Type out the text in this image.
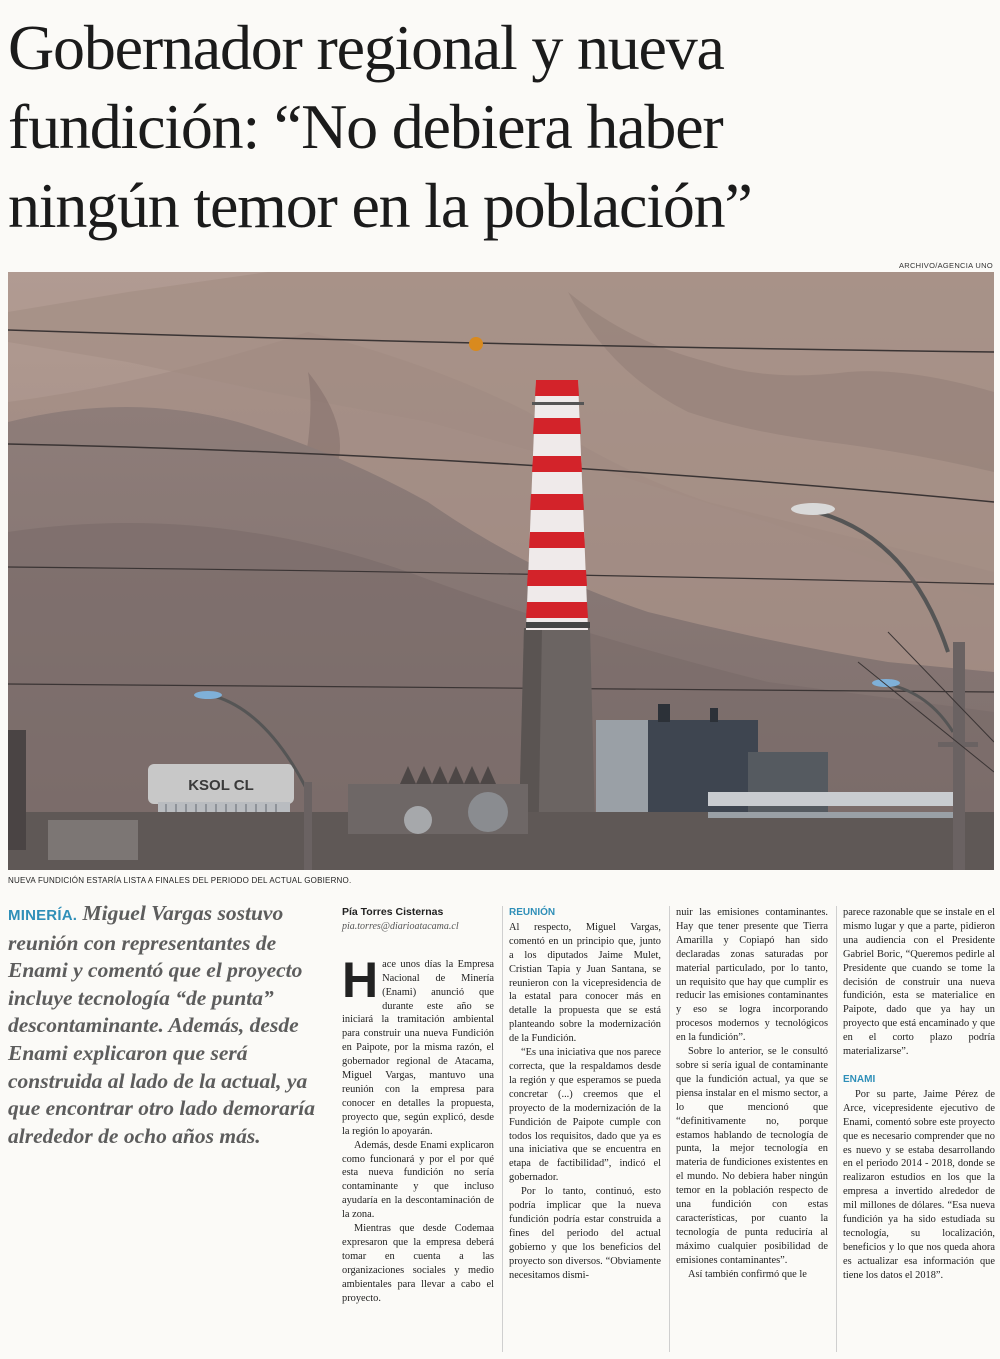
Gobernador regional y nueva
fundición: “No debiera haber
ningún temor en la población”
ARCHIVO/AGENCIA UNO
KSOL CL
NUEVA FUNDICIÓN ESTARÍA LISTA A FINALES DEL PERIODO DEL ACTUAL GOBIERNO.
MINERÍA. Miguel Vargas sostuvo reunión con representantes de Enami y comentó que el proyecto incluye tecnología “de punta” descontaminante. Además, desde Enami explicaron que será construida al lado de la actual, ya que encontrar otro lado demoraría alrededor de ocho años más.
Pía Torres Cisternas
pia.torres@diarioatacama.cl

Hace unos días la Empresa Nacional de Minería (Enami) anunció que durante este año se iniciará la tramitación ambiental para construir una nueva Fundición en Paipote, por la misma razón, el gobernador regional de Atacama, Miguel Vargas, mantuvo una reunión con la empresa para conocer en detalles la propuesta, proyecto que, según explicó, desde la región lo apoyarán.

Además, desde Enami explicaron como funcionará y por el por qué esta nueva fundición no sería contaminante y que incluso ayudaría en la descontaminación de la zona.

Mientras que desde Codemaa expresaron que la empresa deberá tomar en cuenta a las organizaciones sociales y medio ambientales para llevar a cabo el proyecto.

REUNIÓN

Al respecto, Miguel Vargas, comentó en un principio que, junto a los diputados Jaime Mulet, Cristian Tapia y Juan Santana, se reunieron con la vicepresidencia de la estatal para conocer más en detalle la propuesta que se está planteando sobre la modernización de la Fundición.

“Es una iniciativa que nos parece correcta, que la respaldamos desde la región y que esperamos se pueda concretar (...) creemos que el proyecto de la modernización de la Fundición de Paipote cumple con todos los requisitos, dado que ya es una iniciativa que se encuentra en etapa de factibilidad”, indicó el gobernador.

Por lo tanto, continuó, esto podría implicar que la nueva fundición podría estar construida a fines del periodo del actual gobierno y que los beneficios del proyecto son diversos. “Obviamente necesitamos dismi-

nuir las emisiones contaminantes. Hay que tener presente que Tierra Amarilla y Copiapó han sido declaradas zonas saturadas por material particulado, por lo tanto, un requisito que hay que cumplir es reducir las emisiones contaminantes y eso se logra incorporando procesos modernos y tecnológicos en la fundición”.

Sobre lo anterior, se le consultó sobre si sería igual de contaminante que la fundición actual, ya que se piensa instalar en el mismo sector, a lo que mencionó que “definitivamente no, porque estamos hablando de tecnología de punta, la mejor tecnología en materia de fundiciones existentes en el mundo. No debiera haber ningún temor en la población respecto de una fundición con estas características, por cuanto la tecnología de punta reduciría al máximo cualquier posibilidad de emisiones contaminantes”.

Así también confirmó que le

parece razonable que se instale en el mismo lugar y que a parte, pidieron una audiencia con el Presidente Gabriel Boric, “Queremos pedirle al Presidente que cuando se tome la decisión de construir una nueva fundición, esta se materialice en Paipote, dado que ya hay un proyecto que está encaminado y que en el corto plazo podría materializarse”.

ENAMI

Por su parte, Jaime Pérez de Arce, vicepresidente ejecutivo de Enami, comentó sobre este proyecto que es necesario comprender que no es nuevo y se estaba desarrollando en el periodo 2014 - 2018, donde se realizaron estudios en los que la empresa a invertido alrededor de mil millones de dólares. “Esa nueva fundición ya ha sido estudiada su tecnología, su localización, beneficios y lo que nos queda ahora es actualizar esa información que tiene los datos el 2018”.
